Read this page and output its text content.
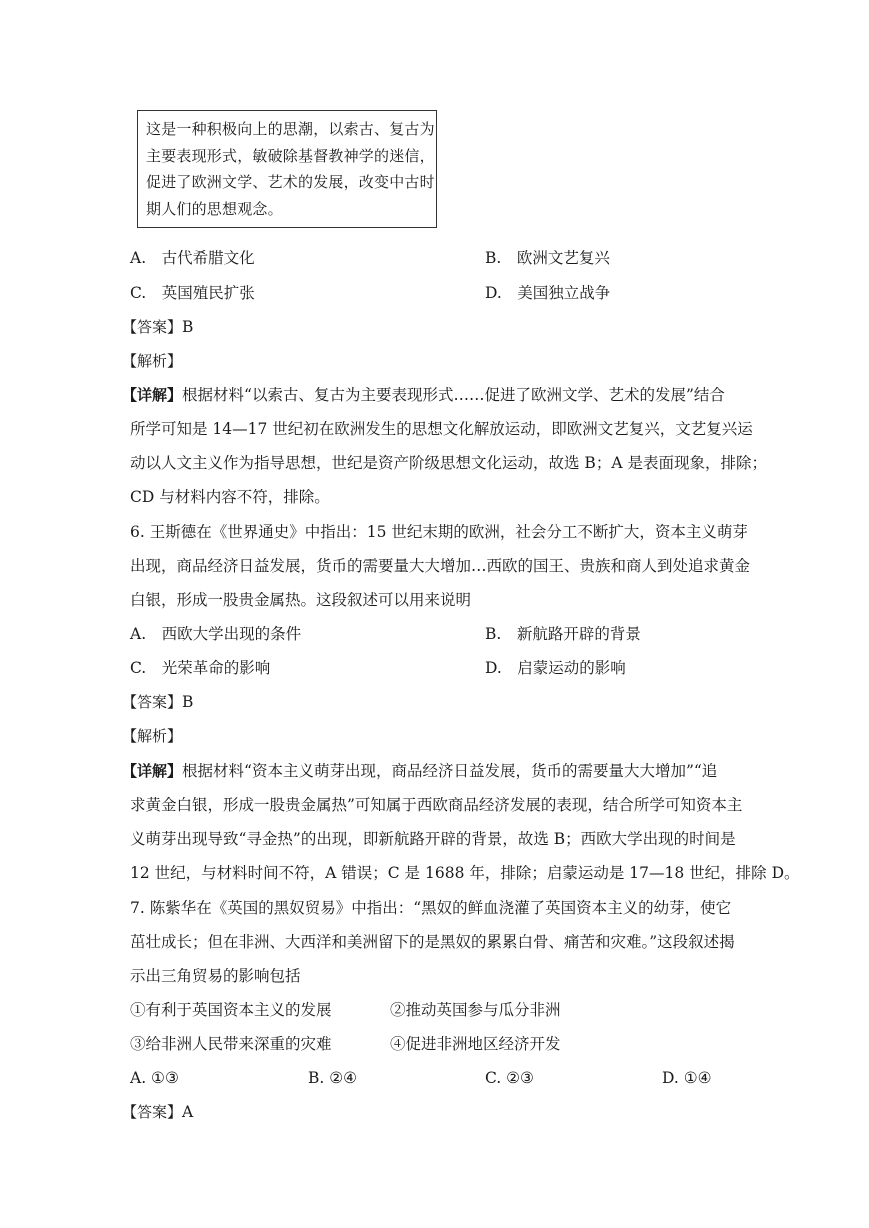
这是一种积极向上的思潮，以索古、复古为
主要表现形式，敏破除基督教神学的迷信，
促进了欧洲文学、艺术的发展，改变中古时
期人们的思想观念。
A.　古代希腊文化	B.　欧洲文艺复兴
C.　英国殖民扩张	D.　美国独立战争
【答案】B
【解析】
【详解】根据材料“以索古、复古为主要表现形式……促进了欧洲文学、艺术的发展”结合
所学可知是 14—17 世纪初在欧洲发生的思想文化解放运动，即欧洲文艺复兴，文艺复兴运
动以人文主义作为指导思想，世纪是资产阶级思想文化运动，故选 B；A 是表面现象，排除；
CD 与材料内容不符，排除。
6. 王斯德在《世界通史》中指出：15 世纪末期的欧洲，社会分工不断扩大，资本主义萌芽
出现，商品经济日益发展，货币的需要量大大增加…西欧的国王、贵族和商人到处追求黄金
白银，形成一股贵金属热。这段叙述可以用来说明
A.　西欧大学出现的条件	B.　新航路开辟的背景
C.　光荣革命的影响	D.　启蒙运动的影响
【答案】B
【解析】
【详解】根据材料“资本主义萌芽出现，商品经济日益发展，货币的需要量大大增加”“追
求黄金白银，形成一股贵金属热”可知属于西欧商品经济发展的表现，结合所学可知资本主
义萌芽出现导致“寻金热”的出现，即新航路开辟的背景，故选 B；西欧大学出现的时间是
12 世纪，与材料时间不符，A 错误；C 是 1688 年，排除；启蒙运动是 17—18 世纪，排除 D。
7. 陈紫华在《英国的黑奴贸易》中指出：“黑奴的鲜血浇灌了英国资本主义的幼芽，使它
茁壮成长；但在非洲、大西洋和美洲留下的是黑奴的累累白骨、痛苦和灾难。”这段叙述揭
示出三角贸易的影响包括
①有利于英国资本主义的发展	②推动英国参与瓜分非洲
③给非洲人民带来深重的灾难	④促进非洲地区经济开发
A. ①③	B. ②④	C. ②③	D. ①④
【答案】A
